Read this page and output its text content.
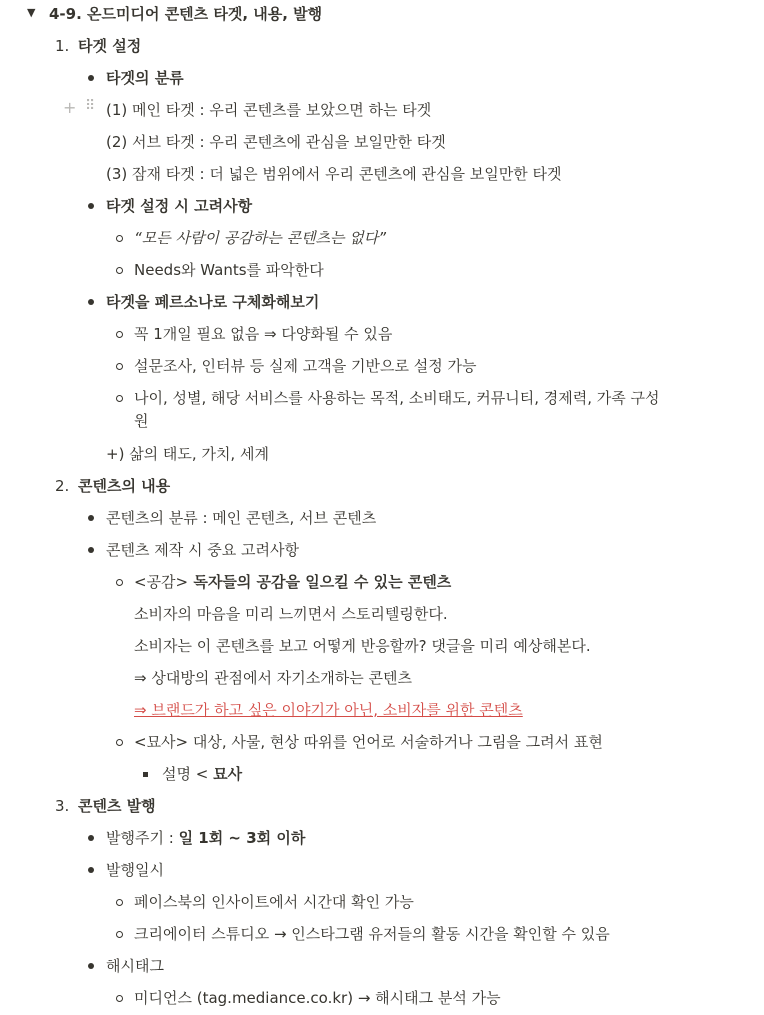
▼ 4-9. 온드미디어 콘텐츠 타겟, 내용, 발행
1. 타겟 설정
타겟의 분류
+ ⠿ (1) 메인 타겟 : 우리 콘텐츠를 보았으면 하는 타겟
(2) 서브 타겟 : 우리 콘텐츠에 관심을 보일만한 타겟
(3) 잠재 타겟 : 더 넓은 범위에서 우리 콘텐츠에 관심을 보일만한 타겟
타겟 설정 시 고려사항
“모든 사람이 공감하는 콘텐츠는 없다”
Needs와 Wants를 파악한다
타겟을 페르소나로 구체화해보기
꼭 1개일 필요 없음 ⇒ 다양화될 수 있음
설문조사, 인터뷰 등 실제 고객을 기반으로 설정 가능
나이, 성별, 해당 서비스를 사용하는 목적, 소비태도, 커뮤니티, 경제력, 가족 구성
원
+) 삶의 태도, 가치, 세계
2. 콘텐츠의 내용
콘텐츠의 분류 : 메인 콘텐츠, 서브 콘텐츠
콘텐츠 제작 시 중요 고려사항
<공감> 독자들의 공감을 일으킬 수 있는 콘텐츠
소비자의 마음을 미리 느끼면서 스토리텔링한다.
소비자는 이 콘텐츠를 보고 어떻게 반응할까? 댓글을 미리 예상해본다.
⇒ 상대방의 관점에서 자기소개하는 콘텐츠
⇒ 브랜드가 하고 싶은 이야기가 아닌, 소비자를 위한 콘텐츠
<묘사> 대상, 사물, 현상 따위를 언어로 서술하거나 그림을 그려서 표현
설명 < 묘사
3. 콘텐츠 발행
발행주기 : 일 1회 ~ 3회 이하
발행일시
페이스북의 인사이트에서 시간대 확인 가능
크리에이터 스튜디오 → 인스타그램 유저들의 활동 시간을 확인할 수 있음
해시태그
미디언스 (tag.mediance.co.kr) → 해시태그 분석 가능
